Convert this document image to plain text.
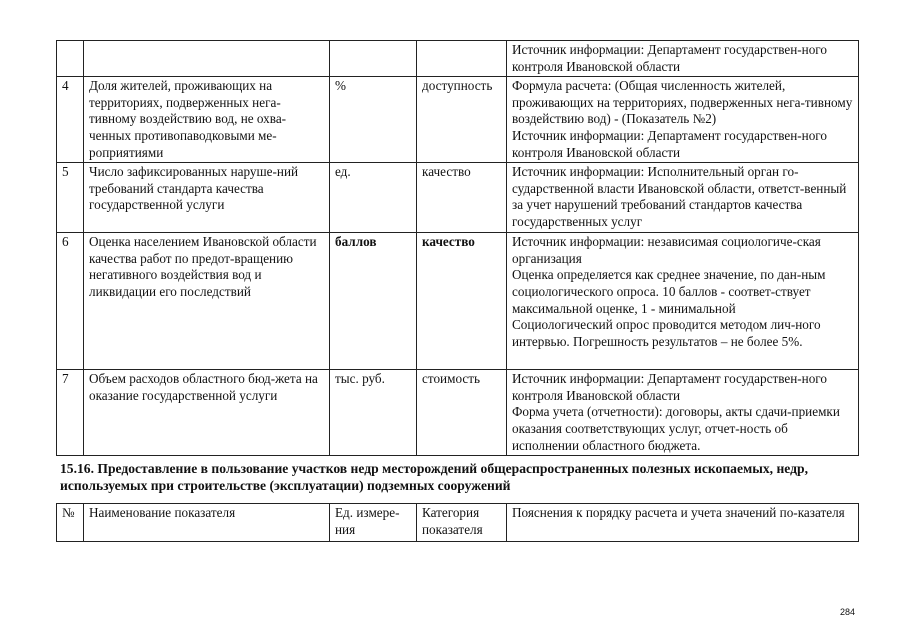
				Источник информации: Департамент государствен-ного контроля Ивановской области
4	Доля жителей, проживающих на территориях, подверженных нега-тивному воздействию вод, не охва-ченных противопаводковыми ме-роприятиями	%	доступность	Формула расчета: (Общая численность жителей, проживающих на территориях, подверженных нега-тивному воздействию вод) - (Показатель №2)
Источник информации: Департамент государствен-ного контроля Ивановской области
5	Число зафиксированных наруше-ний требований стандарта качества государственной услуги	ед.	качество	Источник информации: Исполнительный орган го-сударственной власти Ивановской области, ответст-венный за учет нарушений требований стандартов качества государственных услуг
6	Оценка населением Ивановской области качества работ по предот-вращению негативного воздействия вод и ликвидации его последствий	баллов	качество	Источник информации: независимая социологиче-ская организация
Оценка определяется как среднее значение, по дан-ным социологического опроса. 10 баллов - соответ-ствует максимальной оценке, 1 - минимальной
Социологический опрос проводится методом лич-ного интервью. Погрешность результатов – не более 5%.
7	Объем расходов областного бюд-жета на оказание государственной услуги	тыс. руб.	стоимость	Источник информации: Департамент государствен-ного контроля Ивановской области
Форма учета (отчетности): договоры, акты сдачи-приемки оказания соответствующих услуг, отчет-ность об исполнении областного бюджета.
15.16. Предоставление в пользование участков недр месторождений общераспространенных полезных ископаемых, недр, используемых при строительстве (эксплуатации) подземных сооружений
№	Наименование показателя	Ед. измере-ния	Категория показателя	Пояснения к порядку расчета и учета значений по-казателя
284
